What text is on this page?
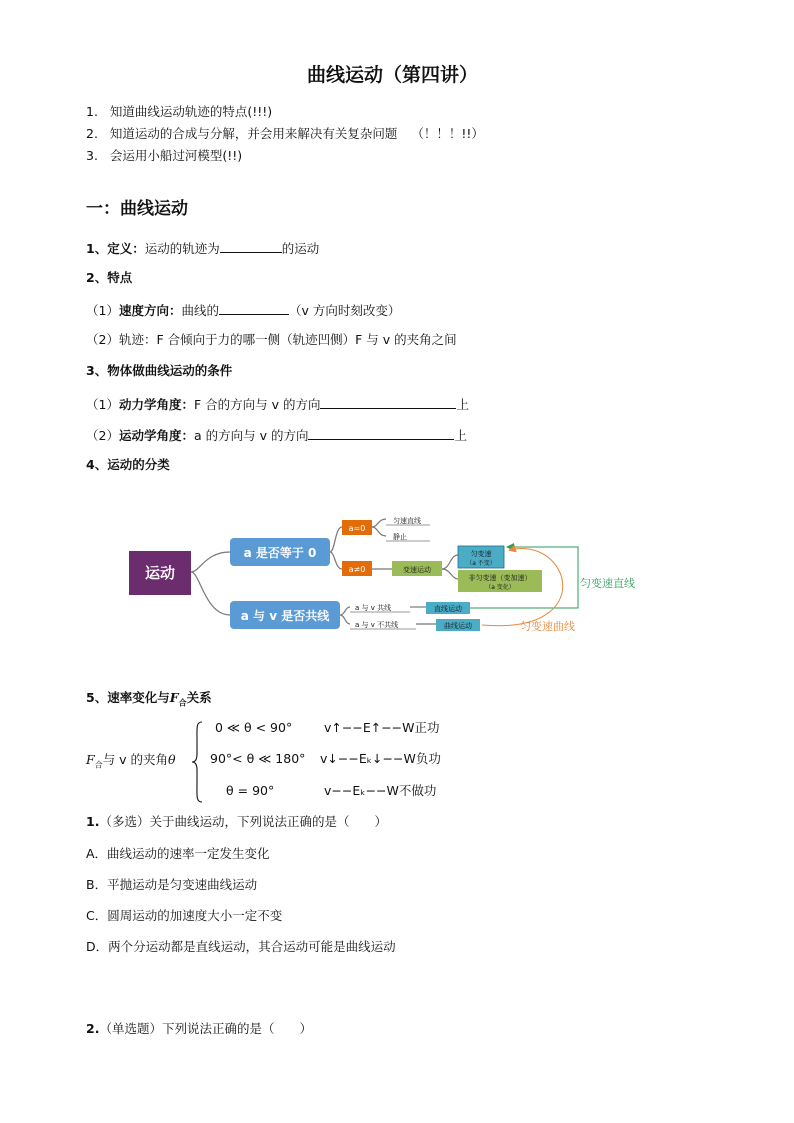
曲线运动（第四讲）
1. 知道曲线运动轨迹的特点(!!!)
2. 知道运动的合成与分解，并会用来解决有关复杂问题 （！！！!!）
3. 会运用小船过河模型(!!)
一：曲线运动
1、定义：运动的轨迹为	的运动
2、特点
（1）速度方向：曲线的	（v 方向时刻改变）
（2）轨迹：F 合倾向于力的哪一侧（轨迹凹侧）F 与 v 的夹角之间
3、物体做曲线运动的条件
（1）动力学角度：F 合的方向与 v 的方向	上
（2）运动学角度：a 的方向与 v 的方向	上
4、运动的分类
运动
a 是否等于 0
a 与 v 是否共线
a=0
匀速直线
静止
a≠0	变速运动
匀变速
（a 不变）
非匀变速（变加速）
（a 变化）
a 与 v 共线	直线运动
a 与 v 不共线	曲线运动
匀变速直线
匀变速曲线
5、速率变化与$F_合$关系
$F_合$与 v 的夹角θ
0 ≪ θ < 90°	v↑−−E↑−−W正功
90°< θ ≪ 180° v↓−−Eₖ↓−−W负功
θ = 90°	v−−Eₖ−−W不做功
1.（多选）关于曲线运动，下列说法正确的是（　　）
A．曲线运动的速率一定发生变化
B．平抛运动是匀变速曲线运动
C．圆周运动的加速度大小一定不变
D．两个分运动都是直线运动，其合运动可能是曲线运动
2.（单选题）下列说法正确的是（　　）
